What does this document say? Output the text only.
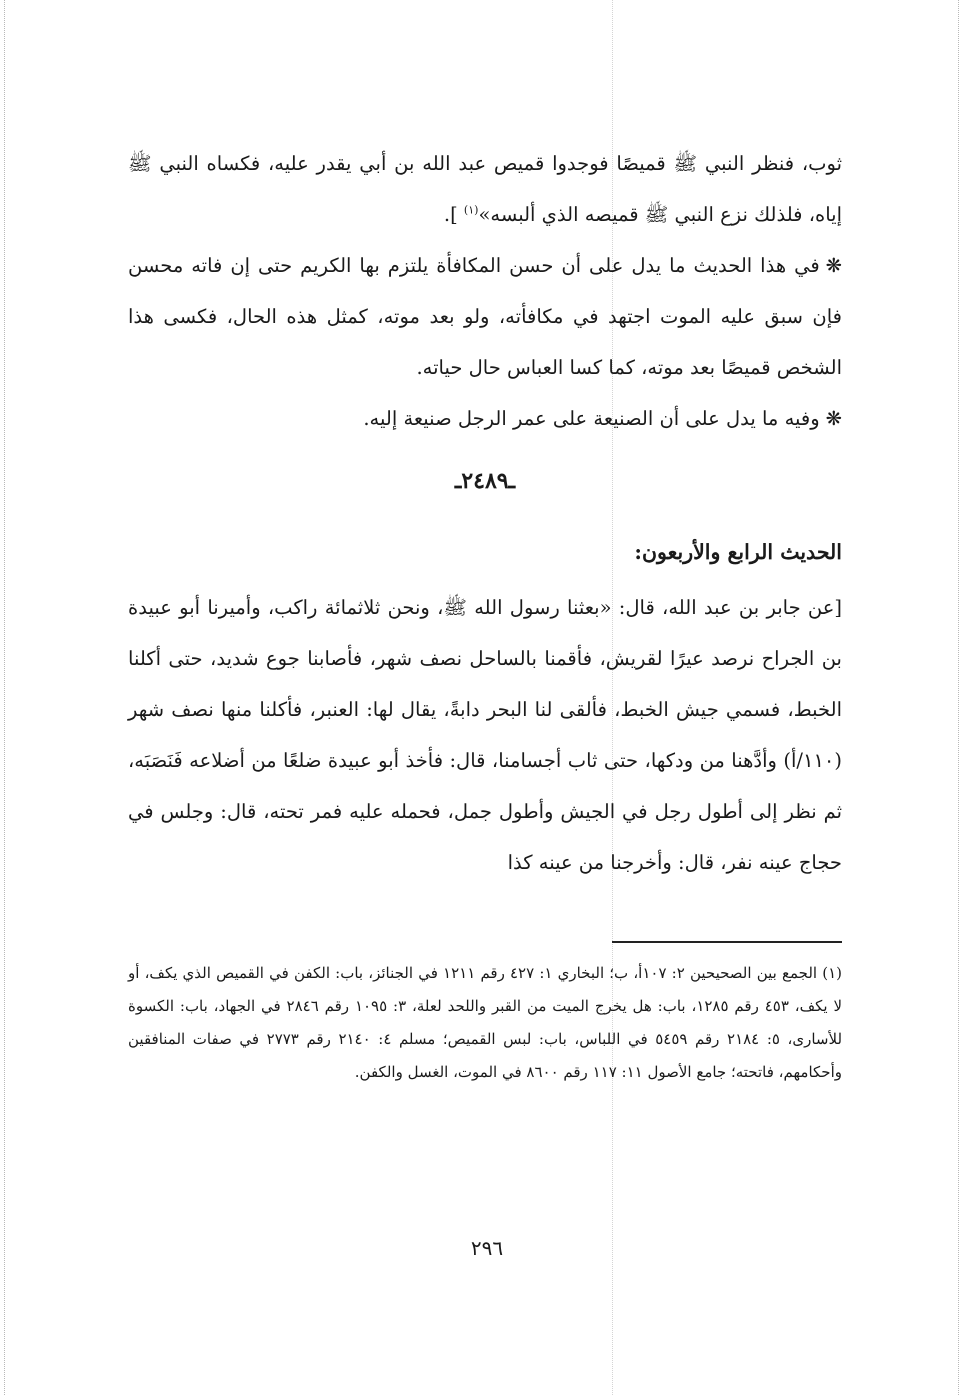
ثوب، فنظر النبي ﷺ قميصًا فوجدوا قميص عبد الله بن أبي يقدر عليه، فكساه النبي ﷺ إياه، فلذلك نزع النبي ﷺ قميصه الذي ألبسه»$^{(١)}$ ].

❋في هذا الحديث ما يدل على أن حسن المكافأة يلتزم بها الكريم حتى إن فاته محسن فإن سبق عليه الموت اجتهد في مكافأته، ولو بعد موته، كمثل هذه الحال، فكسى هذا الشخص قميصًا بعد موته، كما كسا العباس حال حياته.

❋وفيه ما يدل على أن الصنيعة على عمر الرجل صنيعة إليه.

ـ٢٤٨٩ـ
الحديث الرابع والأربعون:

[عن جابر بن عبد الله، قال: «بعثنا رسول الله ﷺ، ونحن ثلاثمائة راكب، وأميرنا أبو عبيدة بن الجراح نرصد عيرًا لقريش، فأقمنا بالساحل نصف شهر، فأصابنا جوع شديد، حتى أكلنا الخبط، فسمي جيش الخبط، فألقى لنا البحر دابةً، يقال لها: العنبر، فأكلنا منها نصف شهر (١١٠/أ) وأدَّهنا من ودكها، حتى ثاب أجسامنا، قال: فأخذ أبو عبيدة ضلعًا من أضلاعه فَنَصَبَه، ثم نظر إلى أطول رجل في الجيش وأطول جمل، فحمله عليه فمر تحته، قال: وجلس في حجاج عينه نفر، قال: وأخرجنا من عينه كذا

(١) الجمع بين الصحيحين ٢: ١٠٧أ، ب؛ البخاري ١: ٤٢٧ رقم ١٢١١ في الجنائز، باب: الكفن في القميص الذي يكف، أو لا يكف، ٤٥٣ رقم ١٢٨٥، باب: هل يخرج الميت من القبر واللحد لعلة، ٣: ١٠٩٥ رقم ٢٨٤٦ في الجهاد، باب: الكسوة للأسارى، ٥: ٢١٨٤ رقم ٥٤٥٩ في اللباس، باب: لبس القميص؛ مسلم ٤: ٢١٤٠ رقم ٢٧٧٣ في صفات المنافقين وأحكامهم، فاتحته؛ جامع الأصول ١١: ١١٧ رقم ٨٦٠٠ في الموت، الغسل والكفن.

٢٩٦
